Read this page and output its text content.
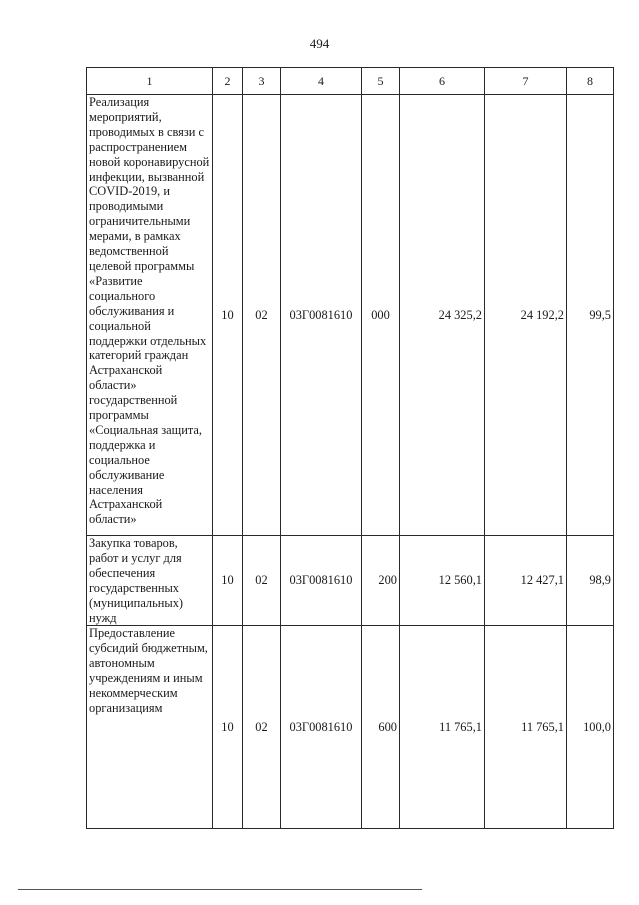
494
1	2	3	4	5	6	7	8
Реализация мероприятий, проводимых в связи с распространением новой коронавирусной инфекции, вызванной COVID-2019, и проводимыми ограничительными мерами, в рамках ведомственной целевой программы «Развитие социального обслуживания и социальной поддержки отдельных категорий граждан Астраханской области» государственной программы «Социальная защита, поддержка и социальное обслуживание населения Астраханской области»	10	02	03Г0081610	000	24 325,2	24 192,2	99,5
Закупка товаров, работ и услуг для обеспечения государственных (муниципальных) нужд	10	02	03Г0081610	200	12 560,1	12 427,1	98,9
Предоставление субсидий бюджетным, автономным учреждениям и иным некоммерческим организациям	10	02	03Г0081610	600	11 765,1	11 765,1	100,0
